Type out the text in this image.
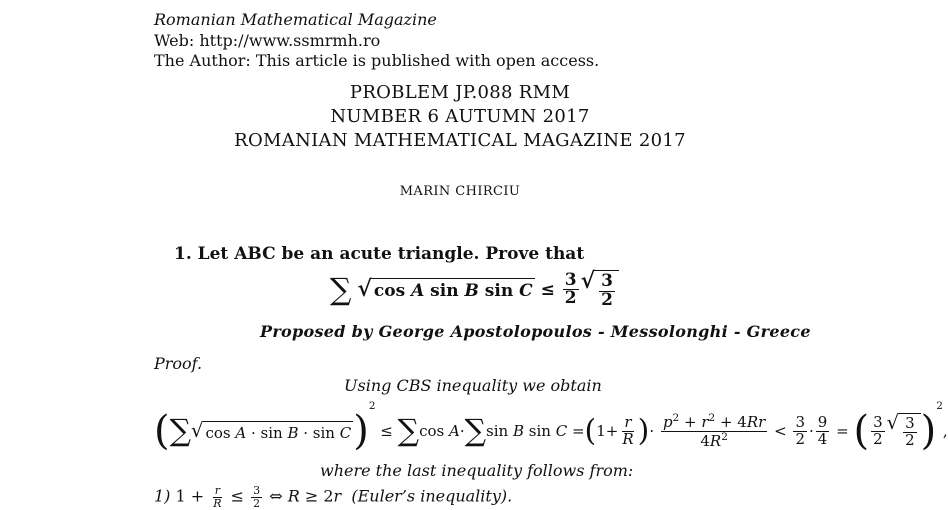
Romanian Mathematical Magazine
Web: http://www.ssmrmh.ro
The Author: This article is published with open access.
PROBLEM JP.088 RMM
NUMBER 6 AUTUMN 2017
ROMANIAN MATHEMATICAL MAGAZINE 2017
MARIN CHIRCIU
1. Let ABC be an acute triangle. Prove that
∑ √ cos A sin B $\sin C \le \frac{3}{2}$ √ $\frac{3}{2}$
Proposed by George Apostolopoulos - Messolonghi - Greece
Proof.
Using CBS inequality we obtain
(∑ √ cos A · sin B · sin C )$^2$ ≤ ∑cos A·∑sin B $\sin C =(1+ \frac{r}{R}$ )· $\frac{p^2 + r^2 + 4Rr}{4R^2} < \frac{3}{2} \cdot \frac{9}{4}$ = ( $\frac{3}{2}$ √ $\frac{3}{2} )^2$,
where the last inequality follows from:
1) $1 + \frac{r}{R} \le \frac{3}{2}$ ⇔ R ≥ 2r (Euler’s inequality).
